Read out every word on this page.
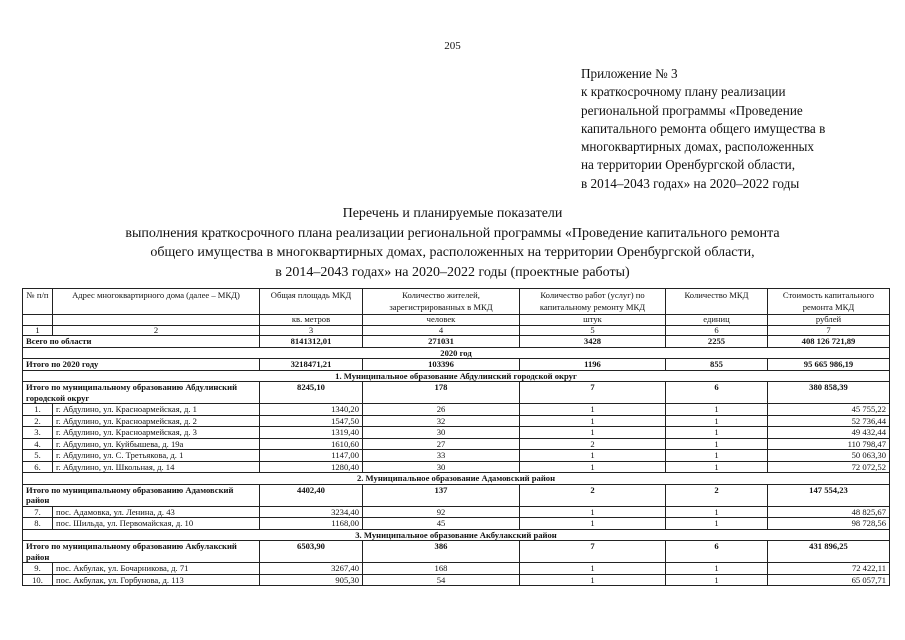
205
Приложение № 3
к краткосрочному плану реализации
региональной программы «Проведение
капитального ремонта общего имущества в
многоквартирных домах, расположенных
на территории Оренбургской области,
в 2014–2043 годах» на 2020–2022 годы
Перечень и планируемые показатели
выполнения краткосрочного плана реализации региональной программы «Проведение капитального ремонта
общего имущества в многоквартирных домах, расположенных на территории Оренбургской области,
в 2014–2043 годах» на 2020–2022 годы (проектные работы)
№ п/п	Адрес многоквартирного дома (далее – МКД)	Общая площадь МКД	Количество жителей, зарегистрированных в МКД	Количество работ (услуг) по капитальному ремонту МКД	Количество МКД	Стоимость капитального ремонта МКД
		кв. метров	человек	штук	единиц	рублей
1	2	3	4	5	6	7
Всего по области		8141312,01	271031	3428	2255	408 126 721,89
2020 год						
Итого по 2020 году		3218471,21	103396	1196	855	95 665 986,19
1. Муниципальное образование Абдулинский городской округ						
Итого по муниципальному образованию Абдулинский городской округ		8245,10	178	7	6	380 858,39
1.	г. Абдулино, ул. Красноармейская, д. 1	1340,20	26	1	1	45 755,22
2.	г. Абдулино, ул. Красноармейская, д. 2	1547,50	32	1	1	52 736,44
3.	г. Абдулино, ул. Красноармейская, д. 3	1319,40	30	1	1	49 432,44
4.	г. Абдулино, ул. Куйбышева, д. 19а	1610,60	27	2	1	110 798,47
5.	г. Абдулино, ул. С. Третьякова, д. 1	1147,00	33	1	1	50 063,30
6.	г. Абдулино, ул. Школьная, д. 14	1280,40	30	1	1	72 072,52
2. Муниципальное образование Адамовский район						
Итого по муниципальному образованию Адамовский район		4402,40	137	2	2	147 554,23
7.	пос. Адамовка, ул. Ленина, д. 43	3234,40	92	1	1	48 825,67
8.	пос. Шильда, ул. Первомайская, д. 10	1168,00	45	1	1	98 728,56
3. Муниципальное образование Акбулакский район						
Итого по муниципальному образованию Акбулакский район		6503,90	386	7	6	431 896,25
9.	пос. Акбулак, ул. Бочарникова, д. 71	3267,40	168	1	1	72 422,11
10.	пос. Акбулак, ул. Горбунова, д. 113	905,30	54	1	1	65 057,71
